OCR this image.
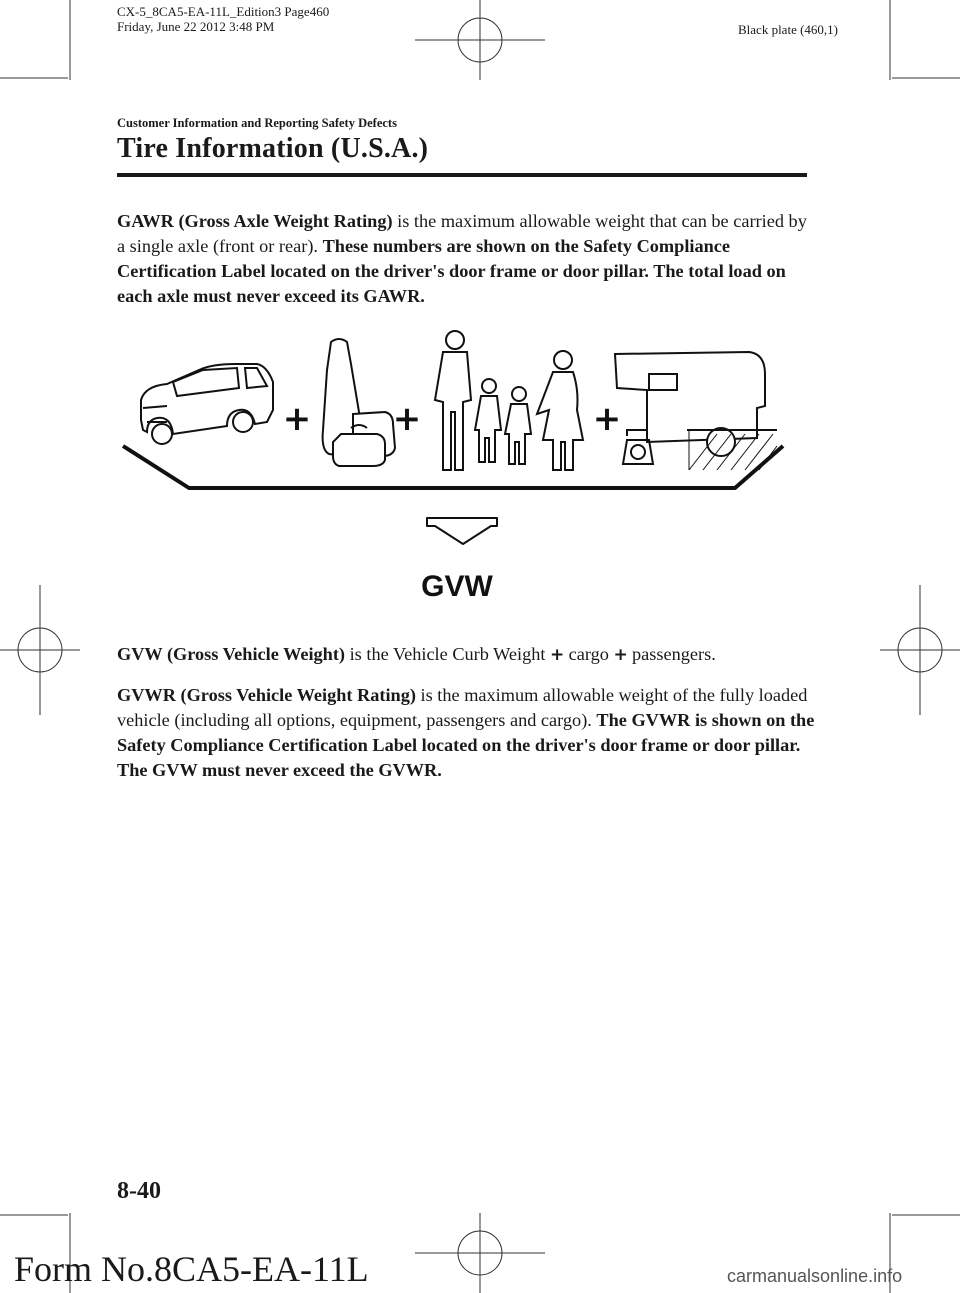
CX-5_8CA5-EA-11L_Edition3 Page460
Friday, June 22 2012 3:48 PM	Black plate (460,1)
Customer Information and Reporting Safety Defects
Tire Information (U.S.A.)

GAWR (Gross Axle Weight Rating) is the maximum allowable weight that can be carried by a single axle (front or rear). These numbers are shown on the Safety Compliance Certification Label located on the driver's door frame or door pillar. The total load on each axle must never exceed its GAWR.

+ +	+
GVW

GVW (Gross Vehicle Weight) is the Vehicle Curb Weight + cargo + passengers.

GVWR (Gross Vehicle Weight Rating) is the maximum allowable weight of the fully loaded vehicle (including all options, equipment, passengers and cargo). The GVWR is shown on the Safety Compliance Certification Label located on the driver's door frame or door pillar. The GVW must never exceed the GVWR.

8-40
Form No.8CA5-EA-11L	carmanualsonline.info
